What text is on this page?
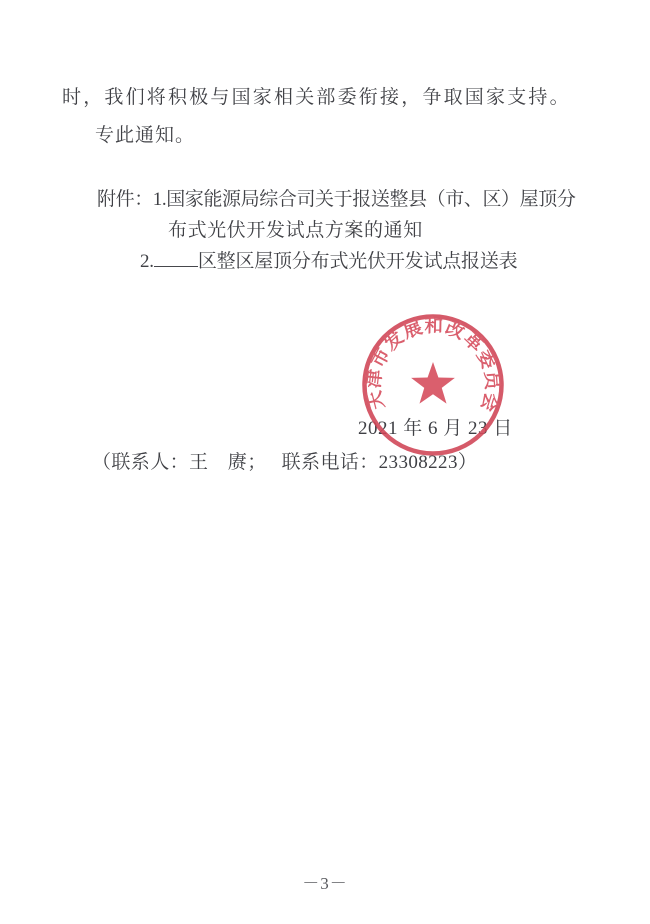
时，我们将积极与国家相关部委衔接，争取国家支持。
专此通知。
附件：1.国家能源局综合司关于报送整县（市、区）屋顶分
布式光伏开发试点方案的通知
2. 区整区屋顶分布式光伏开发试点报送表
2021 年 6 月 23 日
天津市发展和改革委员会
（联系人：王　赓；　 联系电话：23308223）
－3－
